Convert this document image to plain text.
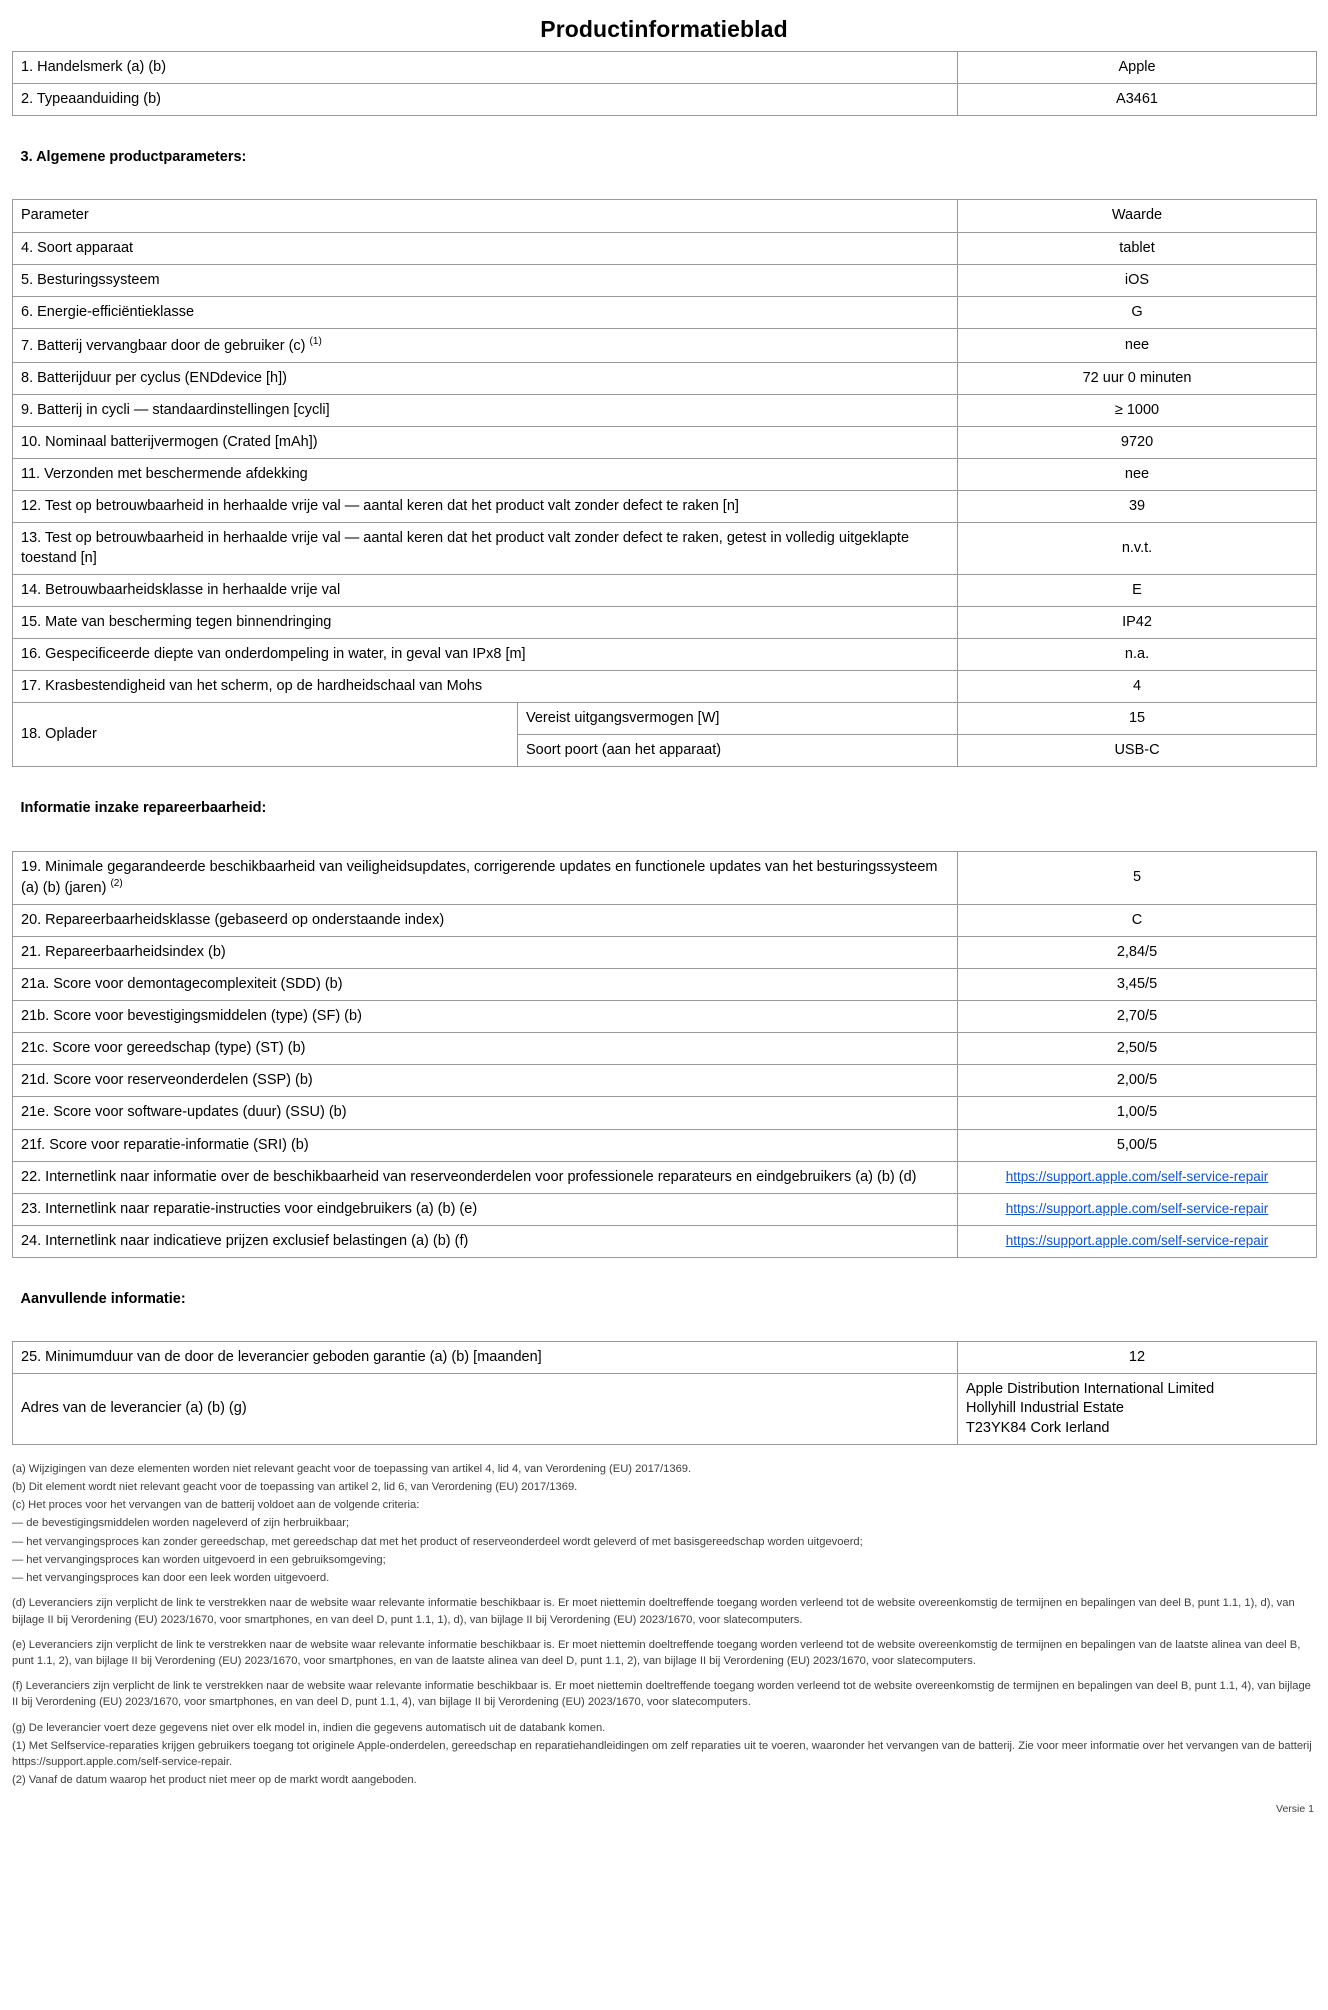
Productinformatieblad
1. Handelsmerk (a) (b)	Apple
2. Typeaanduiding (b)	A3461

3. Algemene productparameters:		

Parameter		Waarde
4. Soort apparaat		tablet
5. Besturingssysteem		iOS
6. Energie-efficiëntieklasse		G
7. Batterij vervangbaar door de gebruiker (c) $^{(1)}$		nee
8. Batterijduur per cyclus (ENDdevice [h])		72 uur 0 minuten
9. Batterij in cycli — standaardinstellingen [cycli]		≥ 1000
10. Nominaal batterijvermogen (Crated [mAh])		9720
11. Verzonden met beschermende afdekking		nee
12. Test op betrouwbaarheid in herhaalde vrije val — aantal keren dat het product valt zonder defect te raken [n]		39
13. Test op betrouwbaarheid in herhaalde vrije val — aantal keren dat het product valt zonder defect te raken, getest in volledig uitgeklapte toestand [n]		n.v.t.
14. Betrouwbaarheidsklasse in herhaalde vrije val		E
15. Mate van bescherming tegen binnendringing		IP42
16. Gespecificeerde diepte van onderdompeling in water, in geval van IPx8 [m]		n.a.
17. Krasbestendigheid van het scherm, op de hardheidschaal van Mohs		4
18. Oplader	Vereist uitgangsvermogen [W]	15
	Soort poort (aan het apparaat)	USB-C

Informatie inzake repareerbaarheid:	

19. Minimale gegarandeerde beschikbaarheid van veiligheidsupdates, corrigerende updates en functionele updates van het besturingssysteem (a) (b) (jaren) $^{(2)}$	5
20. Repareerbaarheidsklasse (gebaseerd op onderstaande index)	C
21. Repareerbaarheidsindex (b)	2,84/5
21a. Score voor demontagecomplexiteit (SDD) (b)	3,45/5
21b. Score voor bevestigingsmiddelen (type) (SF) (b)	2,70/5
21c. Score voor gereedschap (type) (ST) (b)	2,50/5
21d. Score voor reserveonderdelen (SSP) (b)	2,00/5
21e. Score voor software-updates (duur) (SSU) (b)	1,00/5
21f. Score voor reparatie-informatie (SRI) (b)	5,00/5
22. Internetlink naar informatie over de beschikbaarheid van reserveonderdelen voor professionele reparateurs en eindgebruikers (a) (b) (d)	https://support.apple.com/self-service-repair
23. Internetlink naar reparatie-instructies voor eindgebruikers (a) (b) (e)	https://support.apple.com/self-service-repair
24. Internetlink naar indicatieve prijzen exclusief belastingen (a) (b) (f)	https://support.apple.com/self-service-repair

Aanvullende informatie:	

25. Minimumduur van de door de leverancier geboden garantie (a) (b) [maanden]	12
Adres van de leverancier (a) (b) (g)	Apple Distribution International Limited
Hollyhill Industrial Estate
T23YK84 Cork Ierland

(a) Wijzigingen van deze elementen worden niet relevant geacht voor de toepassing van artikel 4, lid 4, van Verordening (EU) 2017/1369.

(b) Dit element wordt niet relevant geacht voor de toepassing van artikel 2, lid 6, van Verordening (EU) 2017/1369.

(c) Het proces voor het vervangen van de batterij voldoet aan de volgende criteria:

— de bevestigingsmiddelen worden nageleverd of zijn herbruikbaar;

— het vervangingsproces kan zonder gereedschap, met gereedschap dat met het product of reserveonderdeel wordt geleverd of met basisgereedschap worden uitgevoerd;

— het vervangingsproces kan worden uitgevoerd in een gebruiksomgeving;

— het vervangingsproces kan door een leek worden uitgevoerd.

(d) Leveranciers zijn verplicht de link te verstrekken naar de website waar relevante informatie beschikbaar is. Er moet niettemin doeltreffende toegang worden verleend tot de website overeenkomstig de termijnen en bepalingen van deel B, punt 1.1, 1), d), van bijlage II bij Verordening (EU) 2023/1670, voor smartphones, en van deel D, punt 1.1, 1), d), van bijlage II bij Verordening (EU) 2023/1670, voor slatecomputers.

(e) Leveranciers zijn verplicht de link te verstrekken naar de website waar relevante informatie beschikbaar is. Er moet niettemin doeltreffende toegang worden verleend tot de website overeenkomstig de termijnen en bepalingen van de laatste alinea van deel B, punt 1.1, 2), van bijlage II bij Verordening (EU) 2023/1670, voor smartphones, en van de laatste alinea van deel D, punt 1.1, 2), van bijlage II bij Verordening (EU) 2023/1670, voor slatecomputers.

(f) Leveranciers zijn verplicht de link te verstrekken naar de website waar relevante informatie beschikbaar is. Er moet niettemin doeltreffende toegang worden verleend tot de website overeenkomstig de termijnen en bepalingen van deel B, punt 1.1, 4), van bijlage II bij Verordening (EU) 2023/1670, voor smartphones, en van deel D, punt 1.1, 4), van bijlage II bij Verordening (EU) 2023/1670, voor slatecomputers.

(g) De leverancier voert deze gegevens niet over elk model in, indien die gegevens automatisch uit de databank komen.

(1) Met Selfservice-reparaties krijgen gebruikers toegang tot originele Apple-onderdelen, gereedschap en reparatiehandleidingen om zelf reparaties uit te voeren, waaronder het vervangen van de batterij. Zie voor meer informatie over het vervangen van de batterij https://support.apple.com/self-service-repair.

(2) Vanaf de datum waarop het product niet meer op de markt wordt aangeboden.

Versie 1
